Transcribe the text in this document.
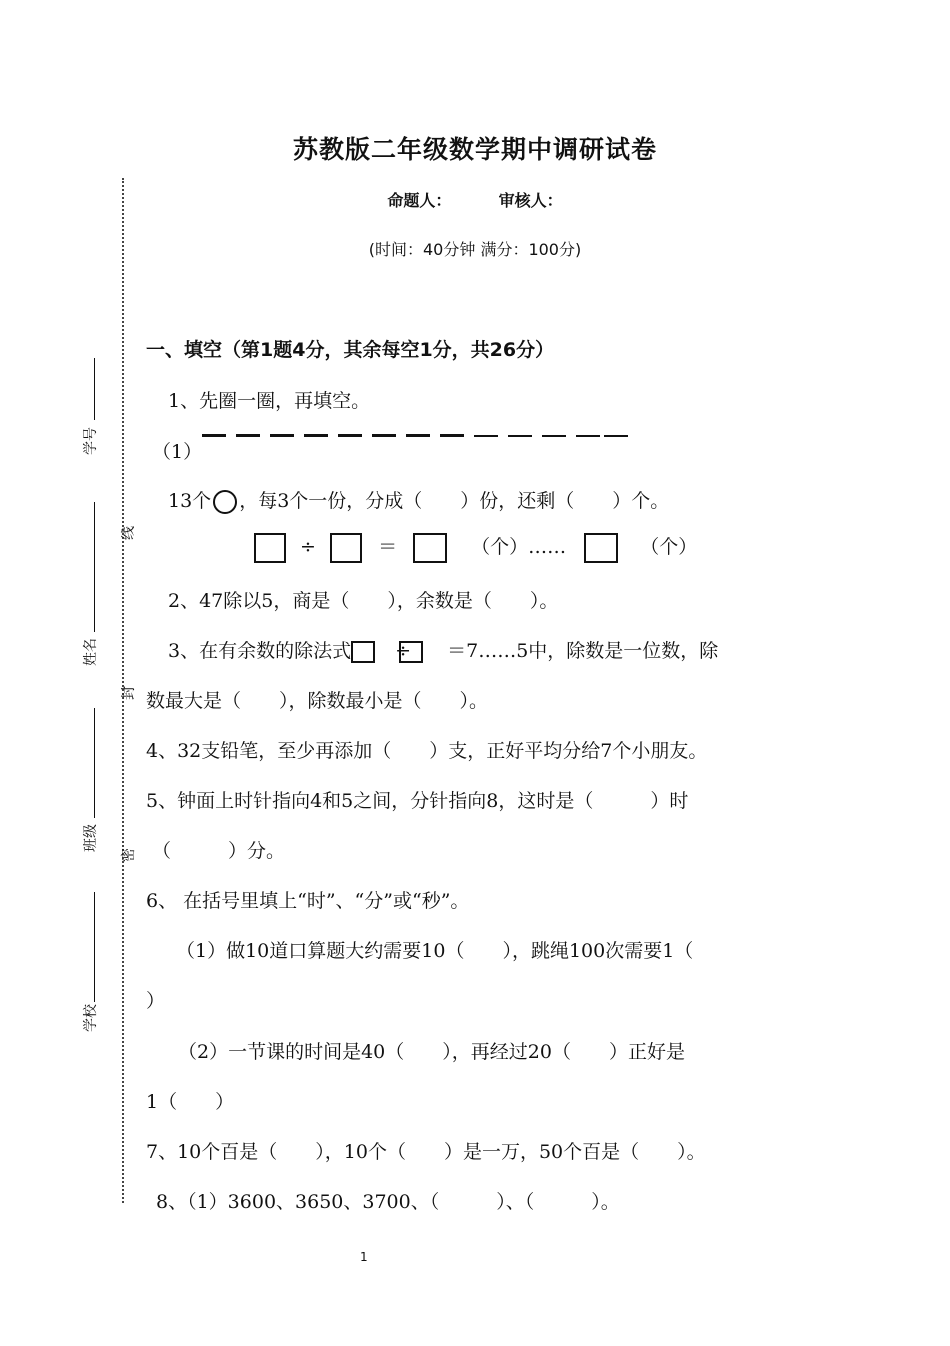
苏教版二年级数学期中调研试卷
命题人：	审核人：
(时间：40分钟 满分：100分)
学号
姓名
班级
学校
线
封
密
一、填空（第1题4分，其余每空1分，共26分）
1、先圈一圈，再填空。
（1）
13个 ，每3个一份，分成（　　）份，还剩（　　）个。
÷	＝	（个）……	（个）
2、47除以5，商是（　　），余数是（　　）。
3、在有余数的除法式 ÷ ＝7……5中，除数是一位数，除
数最大是（　　），除数最小是（　　）。
4、32支铅笔，至少再添加（　　）支，正好平均分给7个小朋友。
5、钟面上时针指向4和5之间，分针指向8，这时是（　　　）时
（　　　）分。
6、 在括号里填上“时”、“分”或“秒”。
（1）做10道口算题大约需要10（　　），跳绳100次需要1（
）
（2）一节课的时间是40（　　），再经过20（　　）正好是
1（　　）
7、10个百是（　　），10个（　　）是一万，50个百是（　　）。
8、（1）3600、3650、3700、（　　　）、（　　　）。
1
